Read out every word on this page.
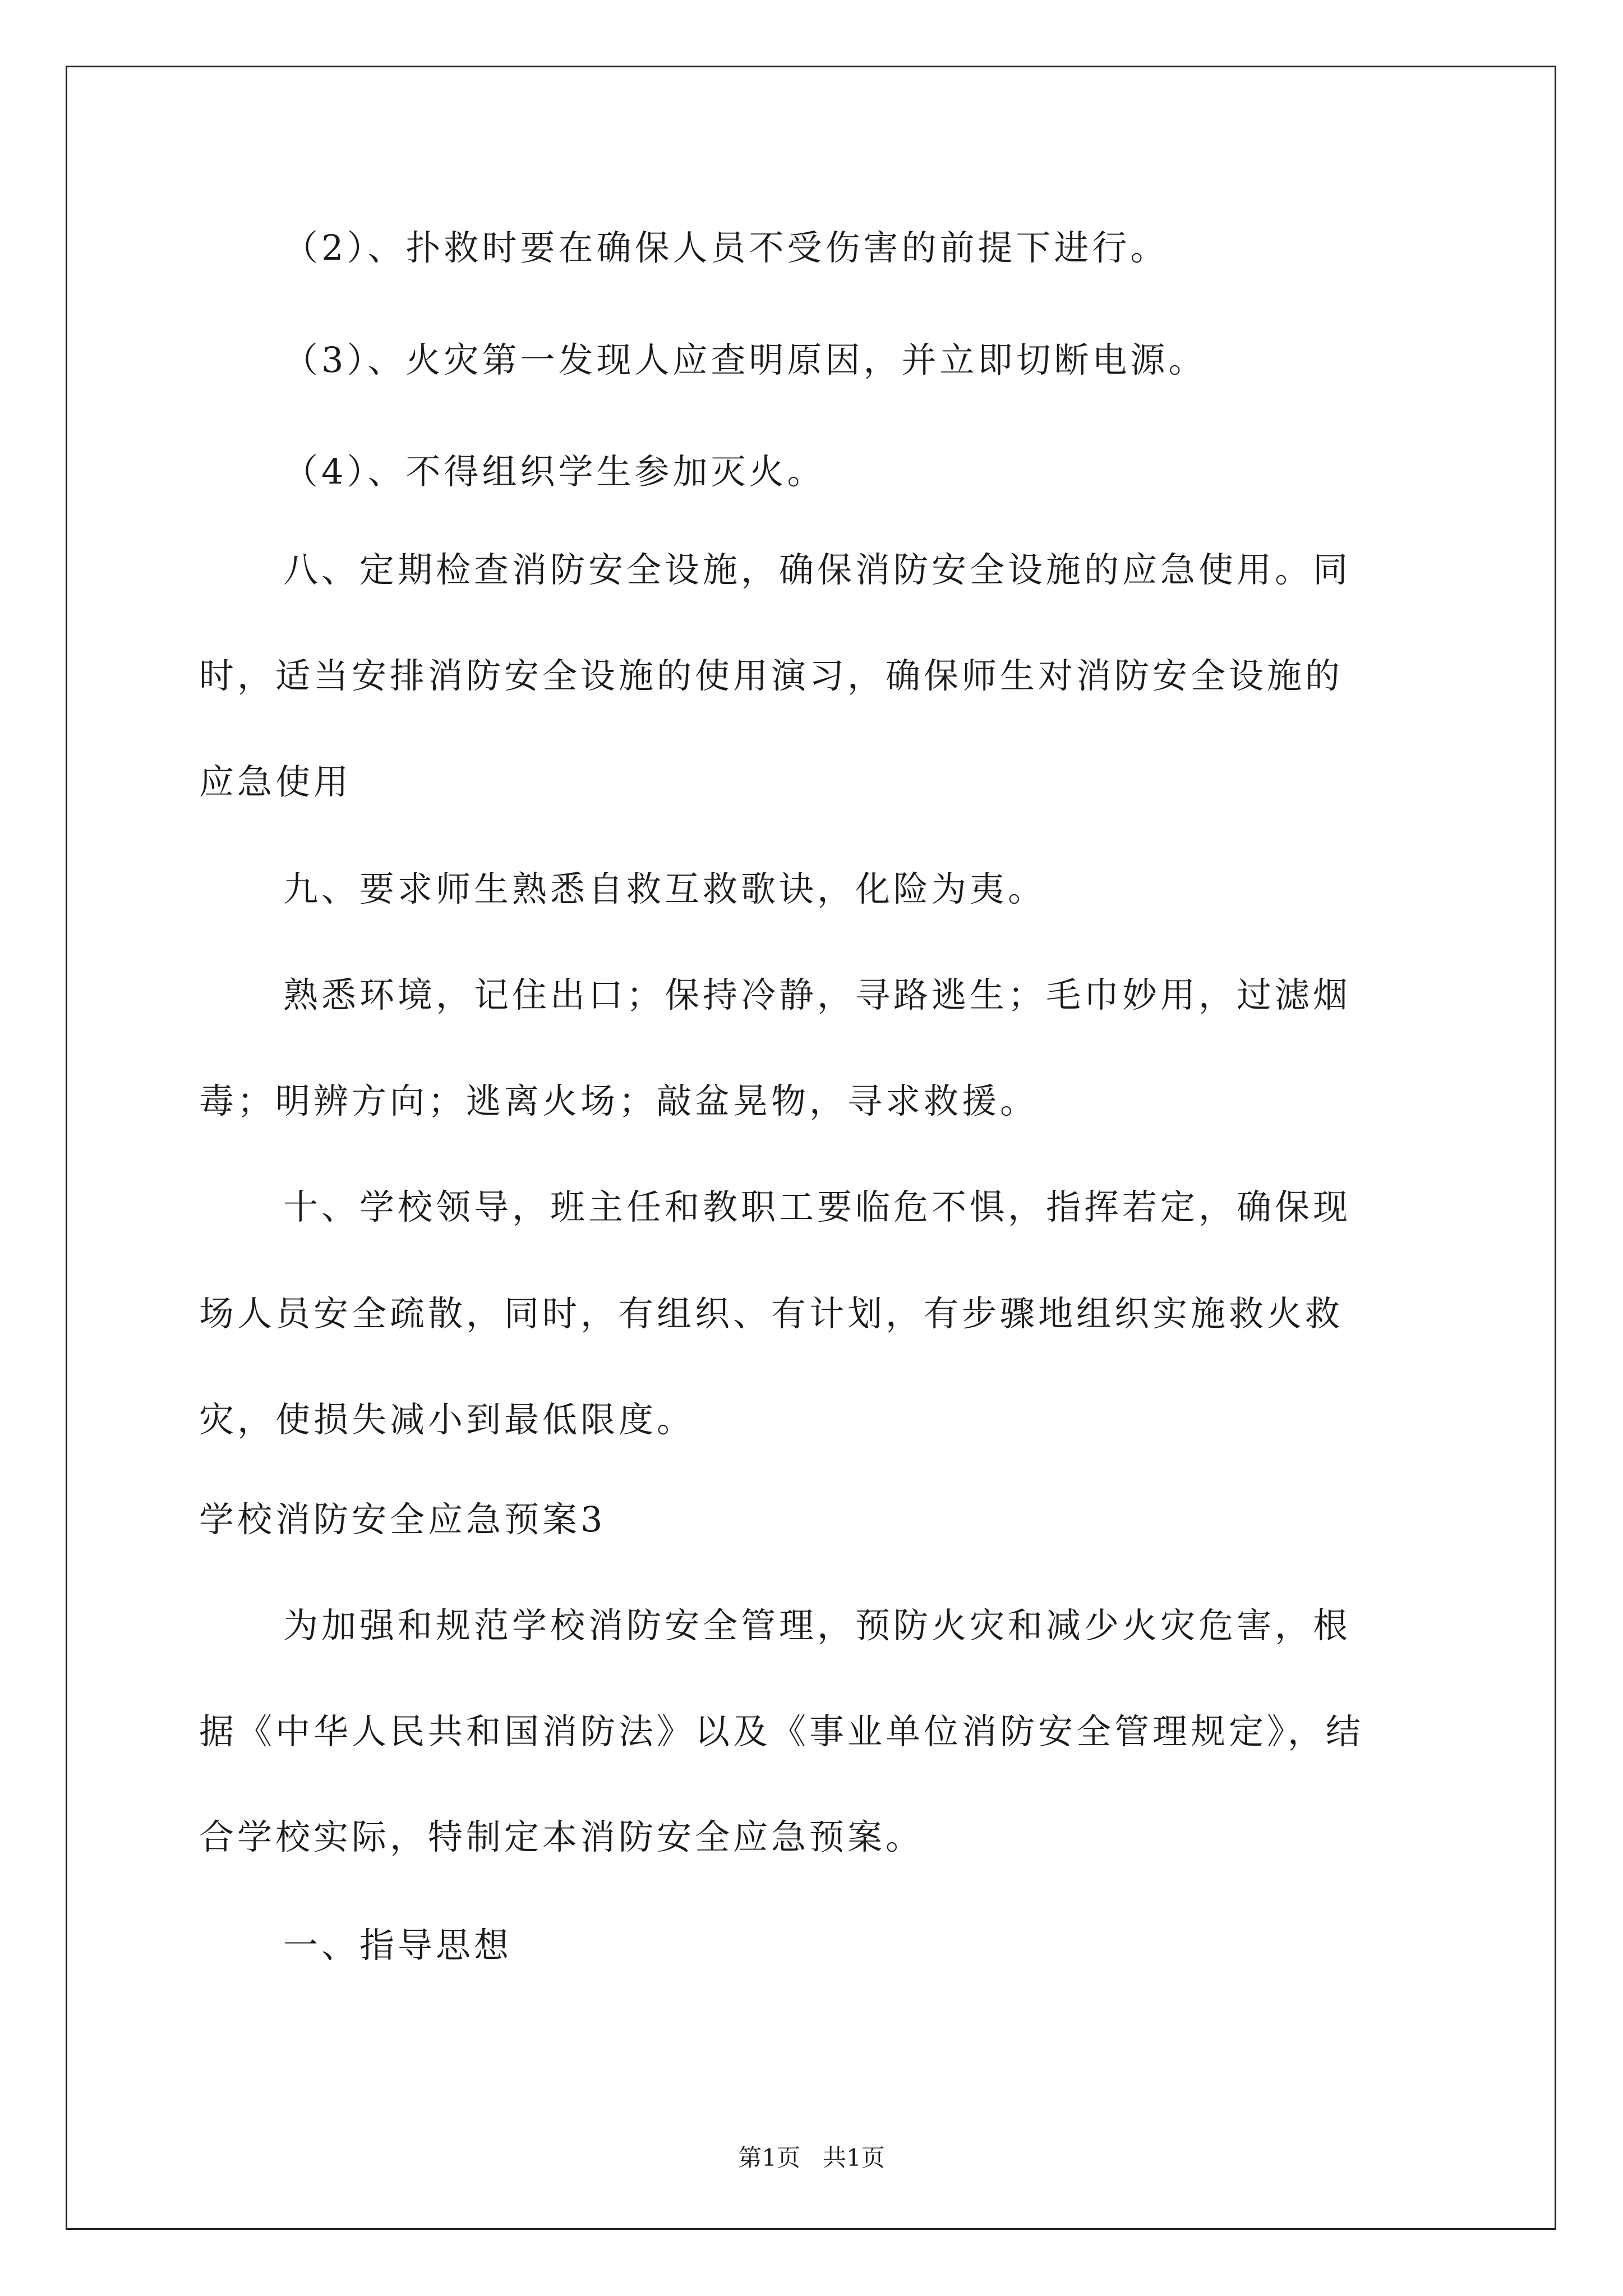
（2）、扑救时要在确保人员不受伤害的前提下进行。
（3）、火灾第一发现人应查明原因，并立即切断电源。
（4）、不得组织学生参加灭火。
八、定期检查消防安全设施，确保消防安全设施的应急使用。同
时，适当安排消防安全设施的使用演习，确保师生对消防安全设施的
应急使用
九、要求师生熟悉自救互救歌诀，化险为夷。
熟悉环境，记住出口；保持冷静，寻路逃生；毛巾妙用，过滤烟
毒；明辨方向；逃离火场；敲盆晃物，寻求救援。
十、学校领导，班主任和教职工要临危不惧，指挥若定，确保现
场人员安全疏散，同时，有组织、有计划，有步骤地组织实施救火救
灾，使损失减小到最低限度。
学校消防安全应急预案3
为加强和规范学校消防安全管理，预防火灾和减少火灾危害，根
据《中华人民共和国消防法》以及《事业单位消防安全管理规定》，结
合学校实际，特制定本消防安全应急预案。
一、指导思想
第1页   共1页
